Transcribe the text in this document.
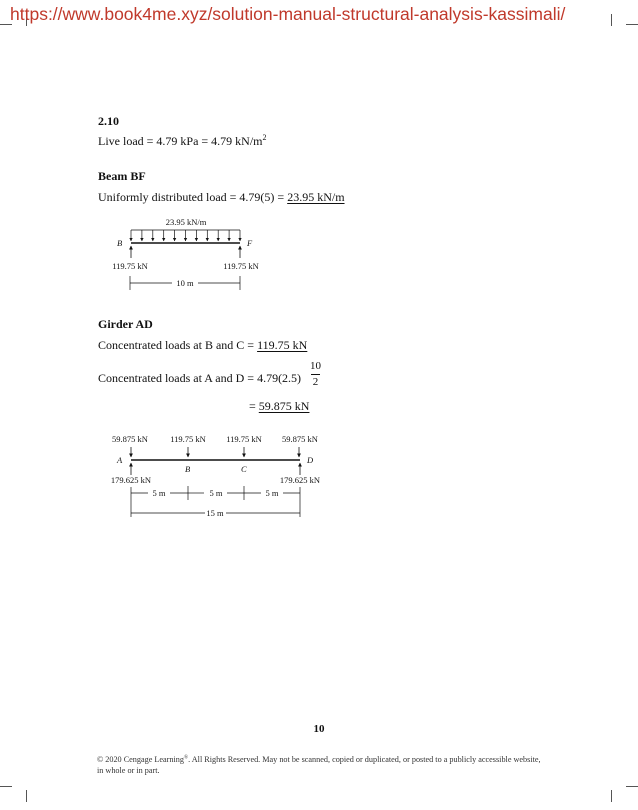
https://www.book4me.xyz/solution-manual-structural-analysis-kassimali/
2.10
Live load = 4.79 kPa = 4.79 $kN/m^2$
Beam BF
Uniformly distributed load = 4.79(5) = 23.95 kN/m
Girder AD
Concentrated loads at B and C = 119.75 kN
Concentrated loads at A and D = 4.79(2.5)
10
2
= 59.875 kN
23.95 kN/m
B	F
119.75 kN	119.75 kN
10 m
59.875 kN	119.75 kN 119.75 kN 59.875 kN
A
B	C
D
179.625 kN	179.625 kN
5 m	5 m	5 m
15 m
10
© 2020 Cengage Learning®. All Rights Reserved. May not be scanned, copied or duplicated, or posted to a publicly accessible website,
in whole or in part.
